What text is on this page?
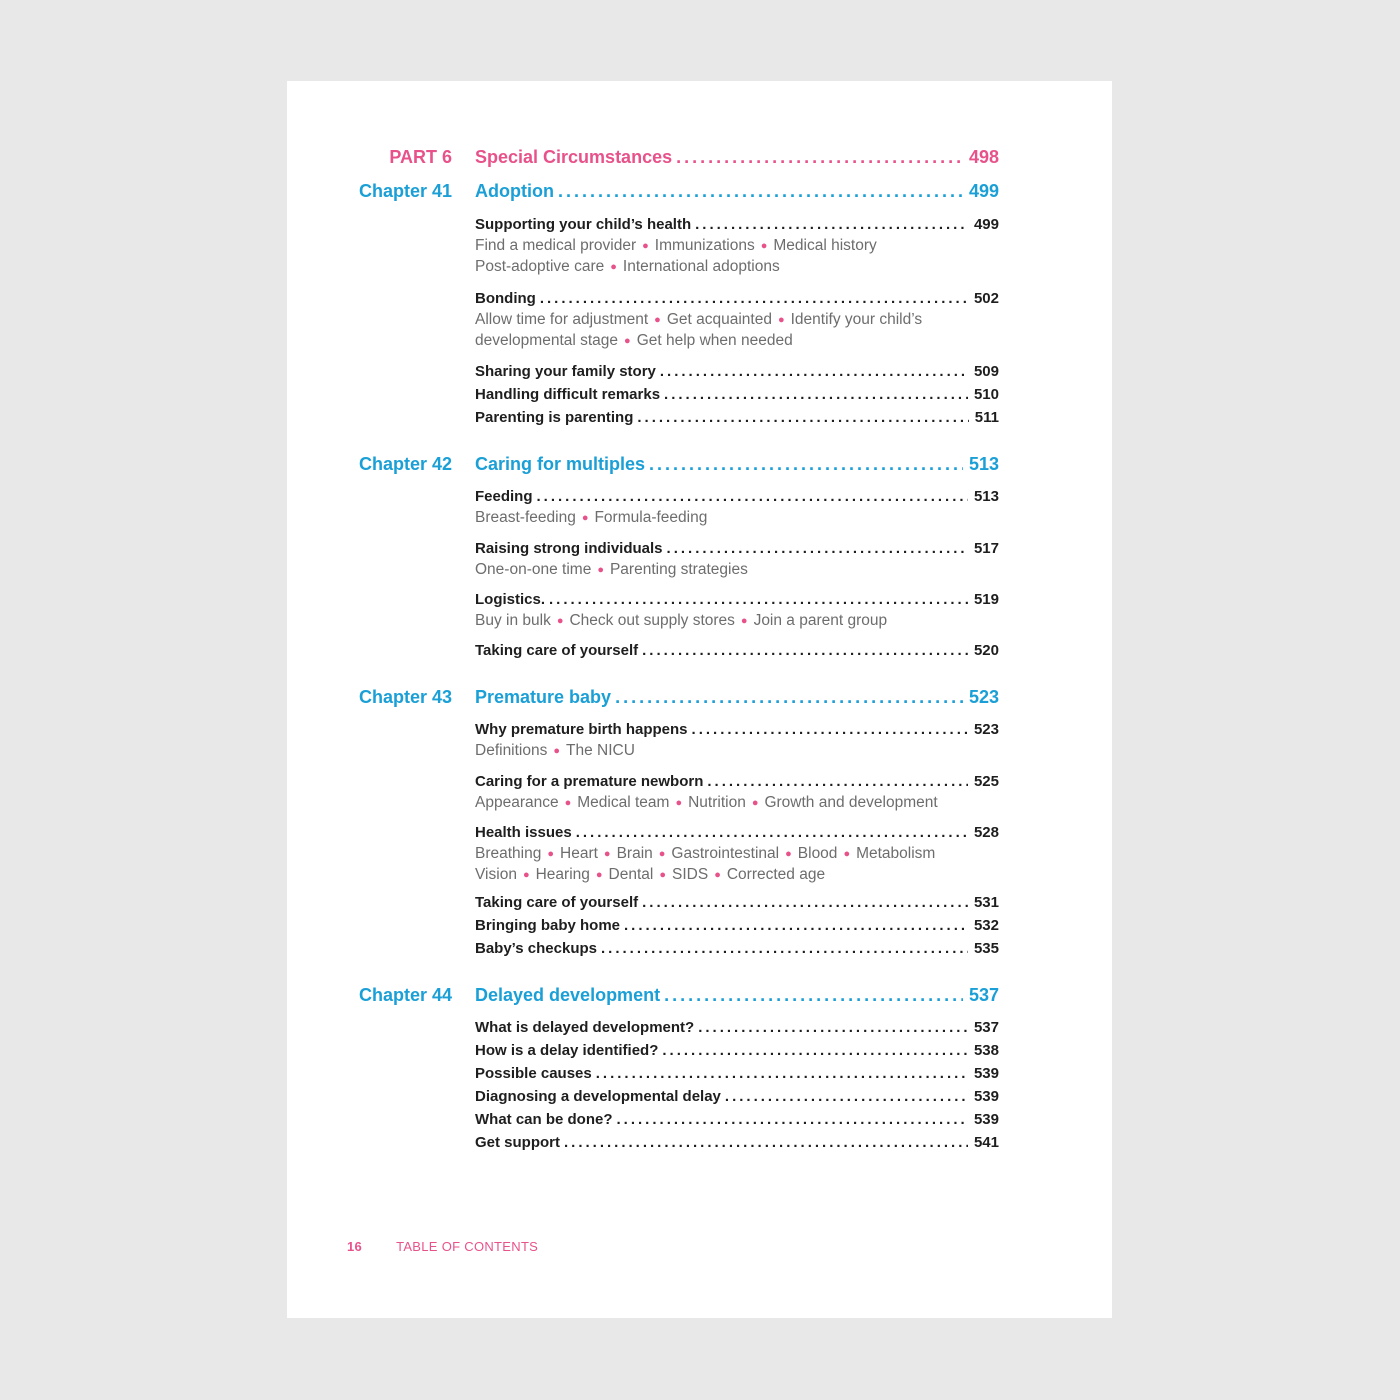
PART 6 Special Circumstances .....	498
Chapter 41 Adoption .....	499
Supporting your child’s health .....	499
Find a medical provider ● Immunizations ● Medical history
Post-adoptive care ● International adoptions
Bonding .....	502
Allow time for adjustment ● Get acquainted ● Identify your child’s
developmental stage ● Get help when needed
Sharing your family story .....	509
Handling difficult remarks .....	510
Parenting is parenting .....	511
Chapter 42 Caring for multiples .....	513
Feeding .....	513
Breast-feeding ● Formula-feeding
Raising strong individuals .....	517
One-on-one time ● Parenting strategies
Logistics. .....	519
Buy in bulk ● Check out supply stores ● Join a parent group
Taking care of yourself .....	520
Chapter 43 Premature baby .....	523
Why premature birth happens .....	523
Definitions ● The NICU
Caring for a premature newborn .....	525
Appearance ● Medical team ● Nutrition ● Growth and development
Health issues .....	528
Breathing ● Heart ● Brain ● Gastrointestinal ● Blood ● Metabolism
Vision ● Hearing ● Dental ● SIDS ● Corrected age
Taking care of yourself .....	531
Bringing baby home .....	532
Baby’s checkups .....	535
Chapter 44 Delayed development .....	537
What is delayed development? .....	537
How is a delay identified? .....	538
Possible causes .....	539
Diagnosing a developmental delay .....	539
What can be done? .....	539
Get support .....	541
16	TABLE OF CONTENTS
